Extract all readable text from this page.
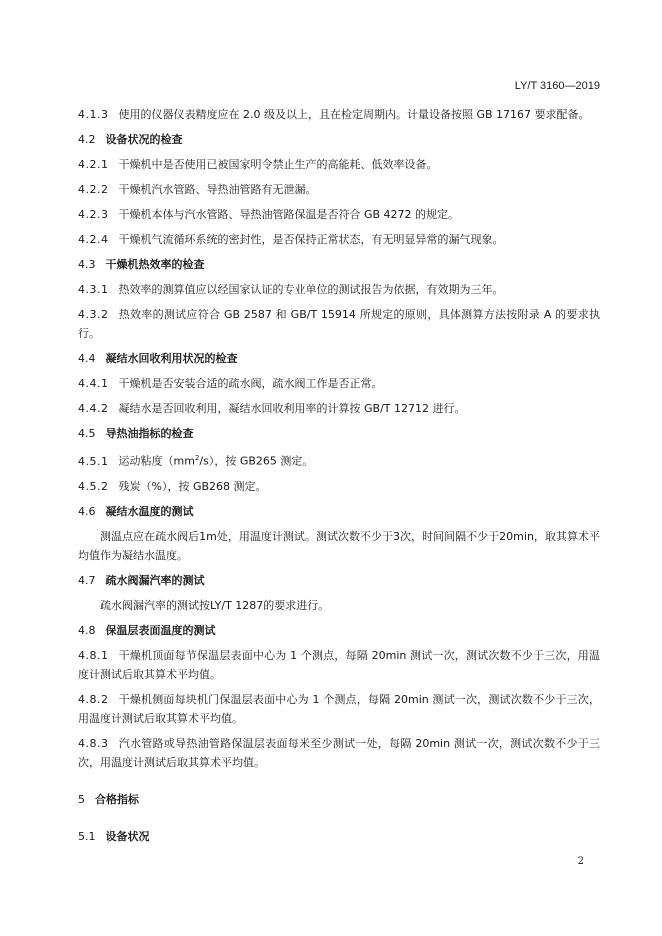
LY/T 3160—2019
4.1.3 使用的仪器仪表精度应在 2.0 级及以上，且在检定周期内。计量设备按照 GB 17167 要求配备。
4.2 设备状况的检查
4.2.1 干燥机中是否使用已被国家明令禁止生产的高能耗、低效率设备。
4.2.2 干燥机汽水管路、导热油管路有无泄漏。
4.2.3 干燥机本体与汽水管路、导热油管路保温是否符合 GB 4272 的规定。
4.2.4 干燥机气流循环系统的密封性，是否保持正常状态，有无明显异常的漏气现象。
4.3 干燥机热效率的检查
4.3.1 热效率的测算值应以经国家认证的专业单位的测试报告为依据，有效期为三年。
4.3.2 热效率的测试应符合 GB 2587 和 GB/T 15914 所规定的原则，具体测算方法按附录 A 的要求执行。
4.4 凝结水回收利用状况的检查
4.4.1 干燥机是否安装合适的疏水阀，疏水阀工作是否正常。
4.4.2 凝结水是否回收利用，凝结水回收利用率的计算按 GB/T 12712 进行。
4.5 导热油指标的检查
4.5.1 运动粘度$(mm^2/s)$，按 GB265 测定。
4.5.2 残炭（%），按 GB268 测定。
4.6 凝结水温度的测试
测温点应在疏水阀后1m处，用温度计测试。测试次数不少于3次，时间间隔不少于20min，取其算术平均值作为凝结水温度。
4.7 疏水阀漏汽率的测试
疏水阀漏汽率的测试按LY/T 1287的要求进行。
4.8 保温层表面温度的测试
4.8.1 干燥机顶面每节保温层表面中心为 1 个测点，每隔 20min 测试一次，测试次数不少于三次，用温度计测试后取其算术平均值。
4.8.2 干燥机侧面每块机门保温层表面中心为 1 个测点，每隔 20min 测试一次，测试次数不少于三次，用温度计测试后取其算术平均值。
4.8.3 汽水管路或导热油管路保温层表面每米至少测试一处，每隔 20min 测试一次，测试次数不少于三次，用温度计测试后取其算术平均值。
5 合格指标
5.1 设备状况
2
